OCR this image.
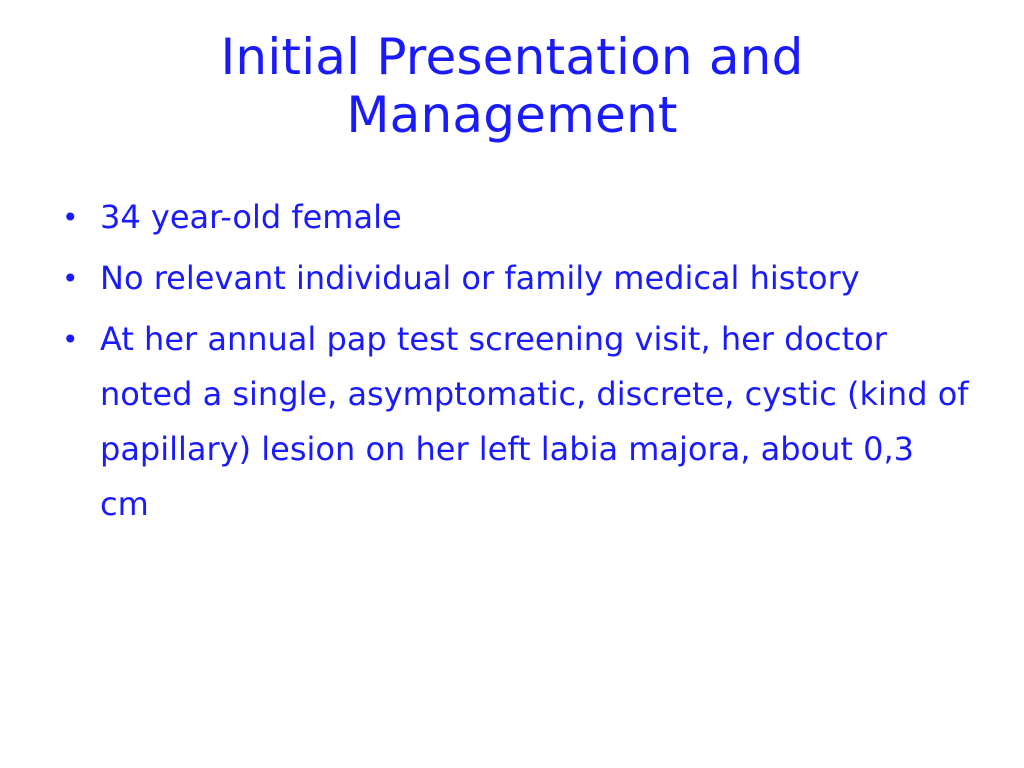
Initial Presentation and Management
• 34 year-old female
• No relevant individual or family medical history
• At her annual pap test screening visit, her doctor noted a single, asymptomatic, discrete, cystic (kind of papillary) lesion on her left labia majora, about 0,3 cm
